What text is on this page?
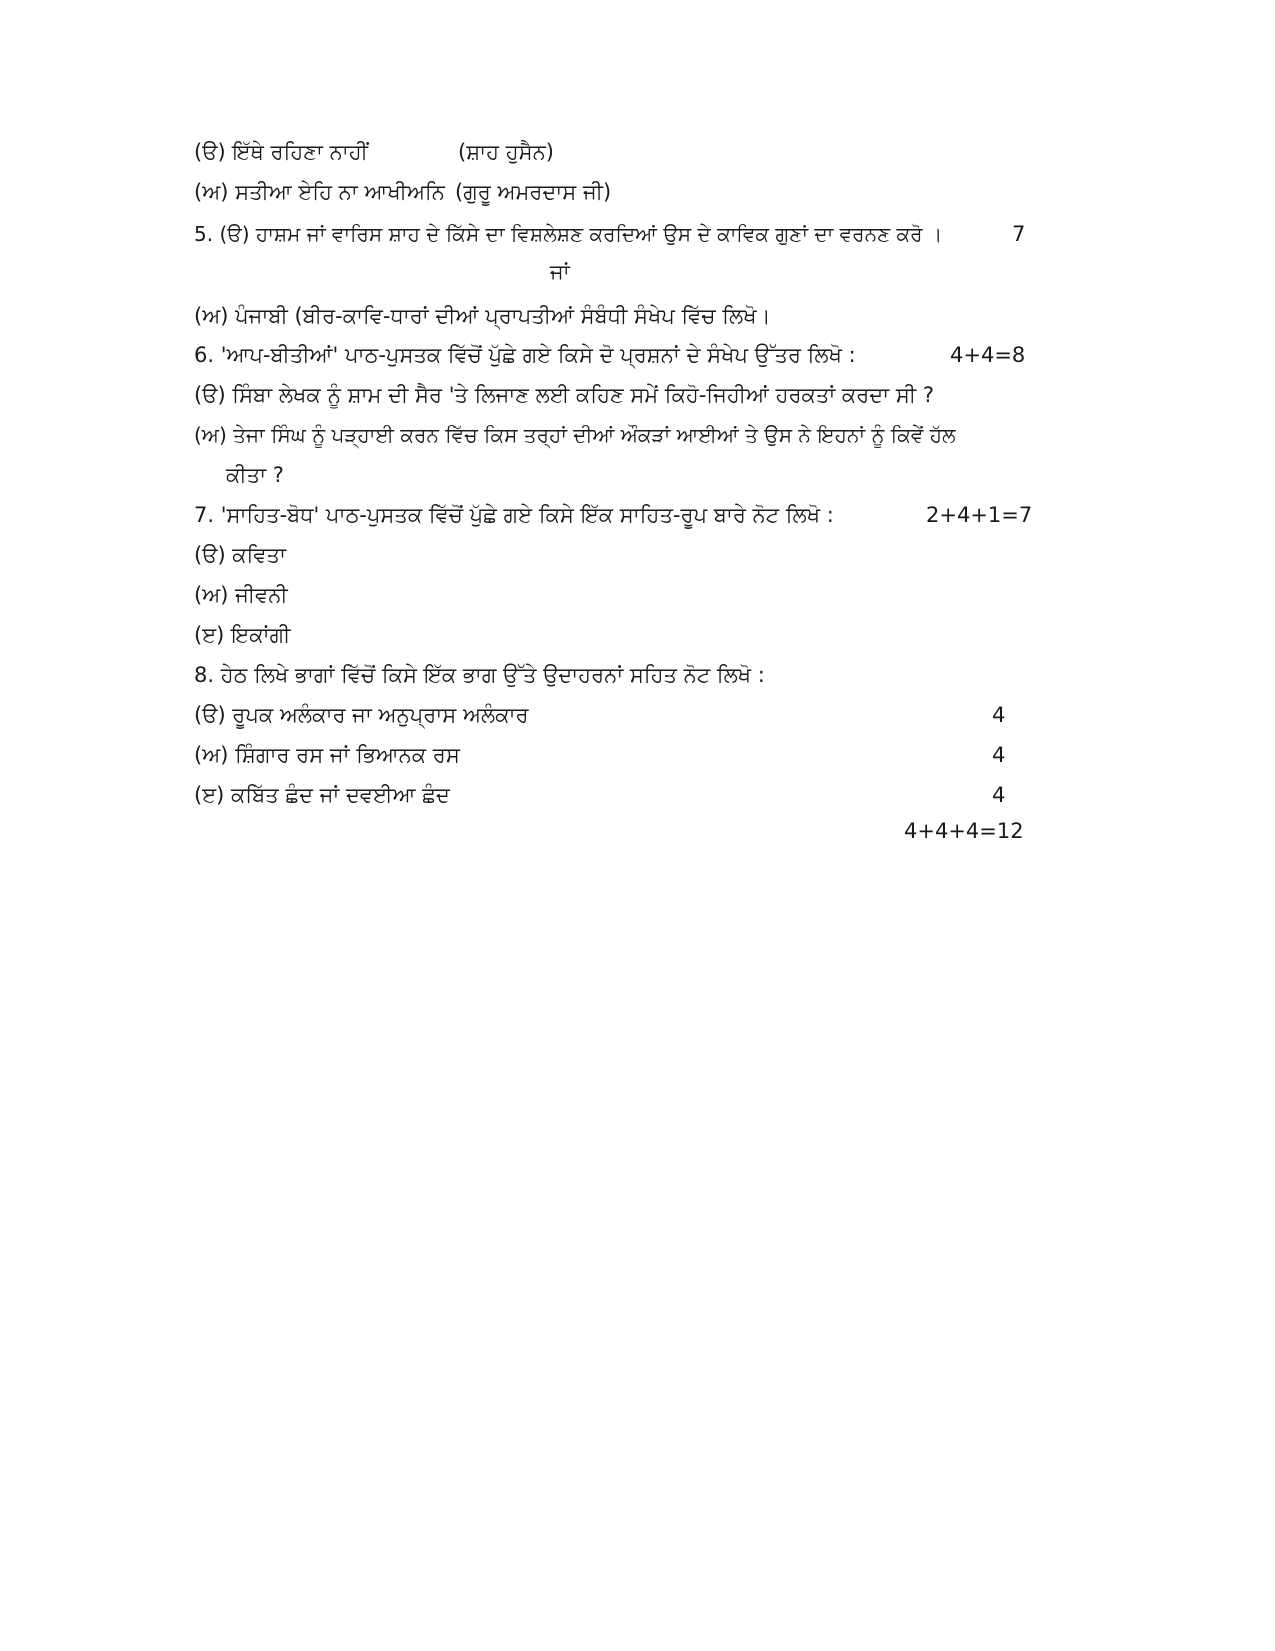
(ੳ) ਇੱਥੇ ਰਹਿਣਾ ਨਾਹੀਂ	(ਸ਼ਾਹ ਹੁਸੈਨ)
(ਅ) ਸਤੀਆ ਏਹਿ ਨਾ ਆਖੀਅਨਿ (ਗੁਰੂ ਅਮਰਦਾਸ ਜੀ)
5. (ੳ) ਹਾਸ਼ਮ ਜਾਂ ਵਾਰਿਸ ਸ਼ਾਹ ਦੇ ਕਿੱਸੇ ਦਾ ਵਿਸ਼ਲੇਸ਼ਣ ਕਰਦਿਆਂ ਉਸ ਦੇ ਕਾਵਿਕ ਗੁਣਾਂ ਦਾ ਵਰਨਣ ਕਰੋ ।	7
ਜਾਂ
(ਅ) ਪੰਜਾਬੀ (ਬੀਰ-ਕਾਵਿ-ਧਾਰਾਂ ਦੀਆਂ ਪ੍ਰਾਪਤੀਆਂ ਸੰਬੰਧੀ ਸੰਖੇਪ ਵਿੱਚ ਲਿਖੋ।
6. 'ਆਪ-ਬੀਤੀਆਂ' ਪਾਠ-ਪੁਸਤਕ ਵਿੱਚੋਂ ਪੁੱਛੇ ਗਏ ਕਿਸੇ ਦੋ ਪ੍ਰਸ਼ਨਾਂ ਦੇ ਸੰਖੇਪ ਉੱਤਰ ਲਿਖੋ :	4+4=8
(ੳ) ਸਿੰਬਾ ਲੇਖਕ ਨੂੰ ਸ਼ਾਮ ਦੀ ਸੈਰ 'ਤੇ ਲਿਜਾਣ ਲਈ ਕਹਿਣ ਸਮੇਂ ਕਿਹੋ-ਜਿਹੀਆਂ ਹਰਕਤਾਂ ਕਰਦਾ ਸੀ ?
(ਅ) ਤੇਜਾ ਸਿੰਘ ਨੂੰ ਪੜ੍ਹਾਈ ਕਰਨ ਵਿੱਚ ਕਿਸ ਤਰ੍ਹਾਂ ਦੀਆਂ ਔਕੜਾਂ ਆਈਆਂ ਤੇ ਉਸ ਨੇ ਇਹਨਾਂ ਨੂੰ ਕਿਵੇਂ ਹੱਲ
ਕੀਤਾ ?
7. 'ਸਾਹਿਤ-ਬੋਧ' ਪਾਠ-ਪੁਸਤਕ ਵਿੱਚੋਂ ਪੁੱਛੇ ਗਏ ਕਿਸੇ ਇੱਕ ਸਾਹਿਤ-ਰੂਪ ਬਾਰੇ ਨੋਟ ਲਿਖੋ :	2+4+1=7
(ੳ) ਕਵਿਤਾ
(ਅ) ਜੀਵਨੀ
(ੲ) ਇਕਾਂਗੀ
8. ਹੇਠ ਲਿਖੇ ਭਾਗਾਂ ਵਿੱਚੋਂ ਕਿਸੇ ਇੱਕ ਭਾਗ ਉੱਤੇ ਉਦਾਹਰਨਾਂ ਸਹਿਤ ਨੋਟ ਲਿਖੋ :
(ੳ) ਰੂਪਕ ਅਲੰਕਾਰ ਜਾ ਅਨੁਪ੍ਰਾਸ ਅਲੰਕਾਰ	4
(ਅ) ਸ਼ਿੰਗਾਰ ਰਸ ਜਾਂ ਭਿਆਨਕ ਰਸ	4
(ੲ) ਕਬਿੱਤ ਛੰਦ ਜਾਂ ਦਵਈਆ ਛੰਦ	4
4+4+4=12
